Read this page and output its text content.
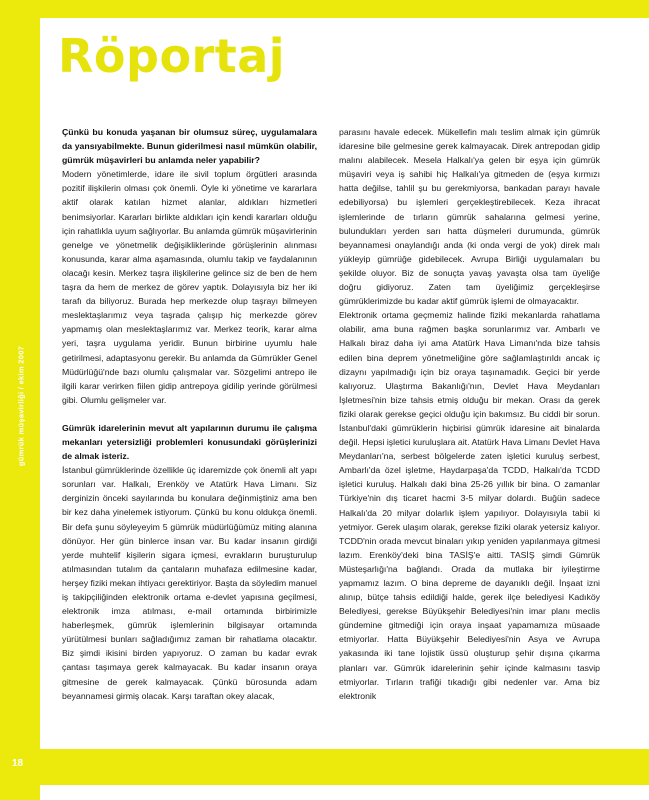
Röportaj
gümrük müşavirliği / ekim 2007
18

Çünkü bu konuda yaşanan bir olumsuz süreç, uygulamalara da yansıyabilmekte. Bunun giderilmesi nasıl mümkün olabilir, gümrük müşavirleri bu anlamda neler yapabilir?

Modern yönetimlerde, idare ile sivil toplum örgütleri arasında pozitif ilişkilerin olması çok önemli. Öyle ki yönetime ve kararlara aktif olarak katılan hizmet alanlar, aldıkları hizmetleri benimsiyorlar. Kararları birlikte aldıkları için kendi kararları olduğu için rahatlıkla uyum sağlıyorlar. Bu anlamda gümrük müşavirlerinin genelge ve yönetmelik değişikliklerinde görüşlerinin alınması konusunda, karar alma aşamasında, olumlu takip ve faydalanının olacağı kesin. Merkez taşra ilişkilerine gelince siz de ben de hem taşra da hem de merkez de görev yaptık. Dolayısıyla biz her iki tarafı da biliyoruz. Burada hep merkezde olup taşrayı bilmeyen meslektaşlarımız veya taşrada çalışıp hiç merkezde görev yapmamış olan meslektaşlarımız var. Merkez teorik, karar alma yeri, taşra uygulama yeridir. Bunun birbirine uyumlu hale getirilmesi, adaptasyonu gerekir. Bu anlamda da Gümrükler Genel Müdürlüğü'nde bazı olumlu çalışmalar var. Sözgelimi antrepo ile ilgili karar verirken fiilen gidip antrepoya gidilip yerinde görülmesi gibi. Olumlu gelişmeler var.

Gümrük idarelerinin mevut alt yapılarının durumu ile çalışma mekanları yetersizliği problemleri konusundaki görüşlerinizi de almak isteriz.

İstanbul gümrüklerinde özellikle üç idaremizde çok önemli alt yapı sorunları var. Halkalı, Erenköy ve Atatürk Hava Limanı. Siz derginizin önceki sayılarında bu konulara değinmiştiniz ama ben bir kez daha yinelemek istiyorum. Çünkü bu konu oldukça önemli. Bir defa şunu söyleyeyim 5 gümrük müdürlüğümüz miting alanına dönüyor. Her gün binlerce insan var. Bu kadar insanın girdiği yerde muhtelif kişilerin sigara içmesi, evrakların buruşturulup atılmasından tutalım da çantaların muhafaza edilmesine kadar, herşey fiziki mekan ihtiyacı gerektiriyor. Başta da söyledim manuel iş takipçiliğinden elektronik ortama e-devlet yapısına geçilmesi, elektronik imza atılması, e-mail ortamında birbirimizle haberleşmek, gümrük işlemlerinin bilgisayar ortamında yürütülmesi bunları sağladığımız zaman bir rahatlama olacaktır. Biz şimdi ikisini birden yapıyoruz. O zaman bu kadar evrak çantası taşımaya gerek kalmayacak. Bu kadar insanın oraya gitmesine de gerek kalmayacak. Çünkü bürosunda adam beyannamesi girmiş olacak. Karşı taraftan okey alacak,

parasını havale edecek. Mükellefin malı teslim almak için gümrük idaresine bile gelmesine gerek kalmayacak. Direk antrepodan gidip malını alabilecek. Mesela Halkalı'ya gelen bir eşya için gümrük müşaviri veya iş sahibi hiç Halkalı'ya gitmeden de (eşya kırmızı hatta değilse, tahlil şu bu gerekmiyorsa, bankadan parayı havale edebiliyorsa) bu işlemleri gerçekleştirebilecek. Keza ihracat işlemlerinde de tırların gümrük sahalarına gelmesi yerine, bulundukları yerden sarı hatta düşmeleri durumunda, gümrük beyannamesi onaylandığı anda (ki onda vergi de yok) direk malı yükleyip gümrüğe gidebilecek. Avrupa Birliği uygulamaları bu şekilde oluyor. Biz de sonuçta yavaş yavaşta olsa tam üyeliğe doğru gidiyoruz. Zaten tam üyeliğimiz gerçekleşirse gümrüklerimizde bu kadar aktif gümrük işlemi de olmayacaktır.

Elektronik ortama geçmemiz halinde fiziki mekanlarda rahatlama olabilir, ama buna rağmen başka sorunlarımız var. Ambarlı ve Halkalı biraz daha iyi ama Atatürk Hava Limanı'nda bize tahsis edilen bina deprem yönetmeliğine göre sağlamlaştırıldı ancak iç dizaynı yapılmadığı için biz oraya taşınamadık. Geçici bir yerde kalıyoruz. Ulaştırma Bakanlığı'nın, Devlet Hava Meydanları İşletmesi'nin bize tahsis etmiş olduğu bir mekan. Orası da gerek fiziki olarak gerekse geçici olduğu için bakımsız. Bu ciddi bir sorun. İstanbul'daki gümrüklerin hiçbirisi gümrük idaresine ait binalarda değil. Hepsi işletici kuruluşlara ait. Atatürk Hava Limanı Devlet Hava Meydanları'na, serbest bölgelerde zaten işletici kuruluş serbest, Ambarlı'da özel işletme, Haydarpaşa'da TCDD, Halkalı'da TCDD işletici kuruluş. Halkalı daki bina 25-26 yıllık bir bina. O zamanlar Türkiye'nin dış ticaret hacmi 3-5 milyar dolardı. Buğün sadece Halkalı'da 20 milyar dolarlık işlem yapılıyor. Dolayısıyla tabii ki yetmiyor. Gerek ulaşım olarak, gerekse fiziki olarak yetersiz kalıyor. TCDD'nin orada mevcut binaları yıkıp yeniden yapılanmaya gitmesi lazım. Erenköy'deki bina TASİŞ'e aitti. TASİŞ şimdi Gümrük Müsteşarlığı'na bağlandı. Orada da mutlaka bir iyileştirme yapmamız lazım. O bina depreme de dayanıklı değil. İnşaat izni alınıp, bütçe tahsis edildiği halde, gerek ilçe belediyesi Kadıköy Belediyesi, gerekse Büyükşehir Belediyesi'nin imar planı meclis gündemine gitmediği için oraya inşaat yapamamıza müsaade etmiyorlar. Hatta Büyükşehir Belediyesi'nin Asya ve Avrupa yakasında iki tane lojistik üssü oluşturup şehir dışına çıkarma planları var. Gümrük idarelerinin şehir içinde kalmasını tasvip etmiyorlar. Tırların trafiği tıkadığı gibi nedenler var. Ama biz elektronik
